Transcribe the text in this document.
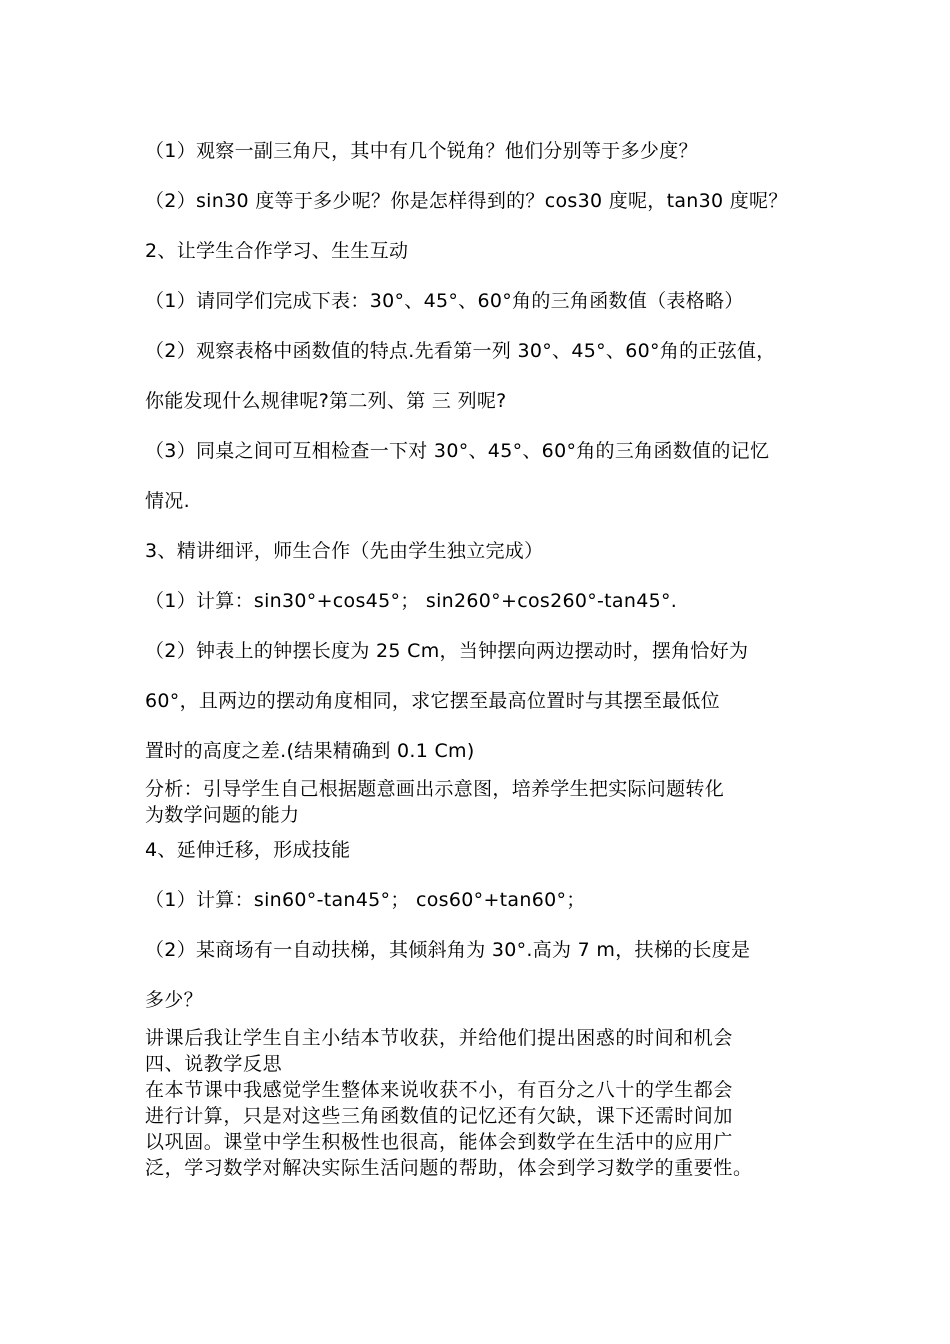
（1）观察一副三角尺，其中有几个锐角？他们分别等于多少度？
（2）sin30 度等于多少呢？你是怎样得到的？cos30 度呢，tan30 度呢？
2、让学生合作学习、生生互动
（1）请同学们完成下表：30°、45°、60°角的三角函数值（表格略）
（2）观察表格中函数值的特点.先看第一列 30°、45°、60°角的正弦值，
你能发现什么规律呢?第二列、第 三 列呢?
（3）同桌之间可互相检查一下对 30°、45°、60°角的三角函数值的记忆
情况.
3、精讲细评，师生合作（先由学生独立完成）
（1）计算：sin30°+cos45°； sin260°+cos260°-tan45°.
（2）钟表上的钟摆长度为 25 Cm，当钟摆向两边摆动时，摆角恰好为
60°，且两边的摆动角度相同，求它摆至最高位置时与其摆至最低位
置时的高度之差.(结果精确到 0.1 Cm)
分析：引导学生自己根据题意画出示意图，培养学生把实际问题转化
为数学问题的能力
4、延伸迁移，形成技能
（1）计算：sin60°-tan45°； cos60°+tan60°；
（2）某商场有一自动扶梯，其倾斜角为 30°.高为 7 m，扶梯的长度是
多少？
讲课后我让学生自主小结本节收获，并给他们提出困惑的时间和机会
四、说教学反思
在本节课中我感觉学生整体来说收获不小，有百分之八十的学生都会
进行计算，只是对这些三角函数值的记忆还有欠缺，课下还需时间加
以巩固。课堂中学生积极性也很高，能体会到数学在生活中的应用广
泛，学习数学对解决实际生活问题的帮助，体会到学习数学的重要性。
